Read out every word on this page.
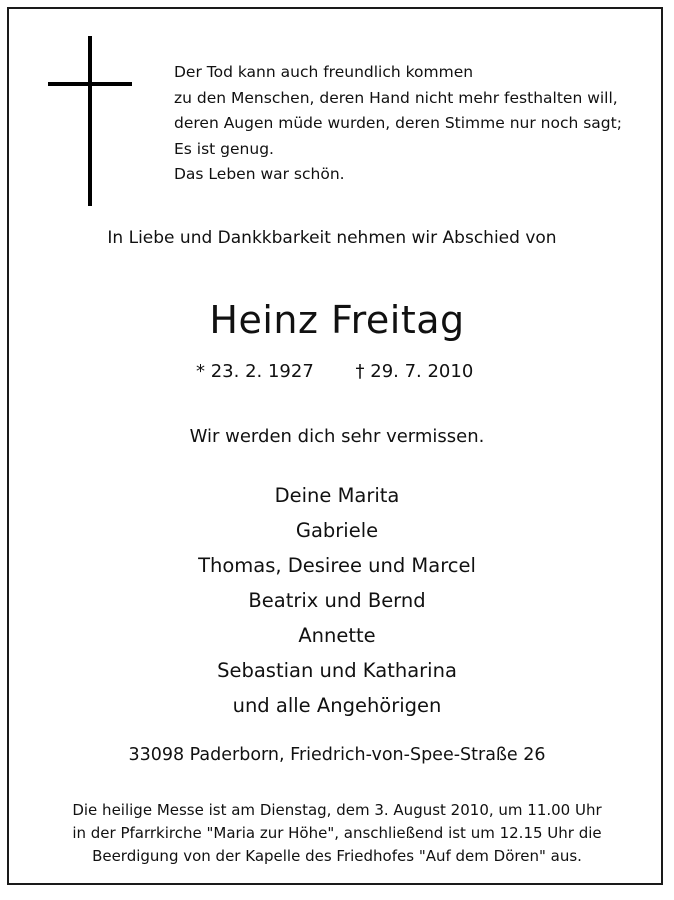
Der Tod kann auch freundlich kommen
zu den Menschen, deren Hand nicht mehr festhalten will,
deren Augen müde wurden, deren Stimme nur noch sagt;
Es ist genug.
Das Leben war schön.
In Liebe und Dankkbarkeit nehmen wir Abschied von
Heinz Freitag
* 23. 2. 1927 † 29. 7. 2010
Wir werden dich sehr vermissen.
Deine Marita
Gabriele
Thomas, Desiree und Marcel
Beatrix und Bernd
Annette
Sebastian und Katharina
und alle Angehörigen
33098 Paderborn, Friedrich-von-Spee-Straße 26
Die heilige Messe ist am Dienstag, dem 3. August 2010, um 11.00 Uhr
in der Pfarrkirche "Maria zur Höhe", anschließend ist um 12.15 Uhr die
Beerdigung von der Kapelle des Friedhofes "Auf dem Dören" aus.
